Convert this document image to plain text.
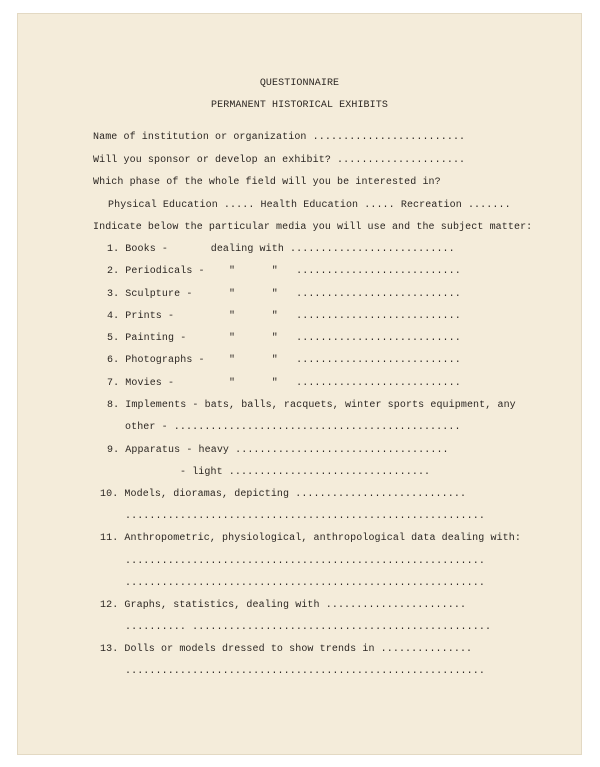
QUESTIONNAIRE
PERMANENT HISTORICAL EXHIBITS
Name of institution or organization .........................
Will you sponsor or develop an exhibit? .....................
Which phase of the whole field will you be interested in?
Physical Education ..... Health Education ..... Recreation .......
Indicate below the particular media you will use and the subject matter:
1. Books -       dealing with ...........................
2. Periodicals -    "      "   ...........................
3. Sculpture -      "      "   ...........................
4. Prints -         "      "   ...........................
5. Painting -       "      "   ...........................
6. Photographs -    "      "   ...........................
7. Movies -         "      "   ...........................
8. Implements - bats, balls, racquets, winter sports equipment, any
other - ...............................................
9. Apparatus - heavy ...................................
- light .................................
10. Models, dioramas, depicting ............................
...........................................................
11. Anthropometric, physiological, anthropological data dealing with:
...........................................................
...........................................................
12. Graphs, statistics, dealing with .......................
.......... .................................................
13. Dolls or models dressed to show trends in ...............
...........................................................
